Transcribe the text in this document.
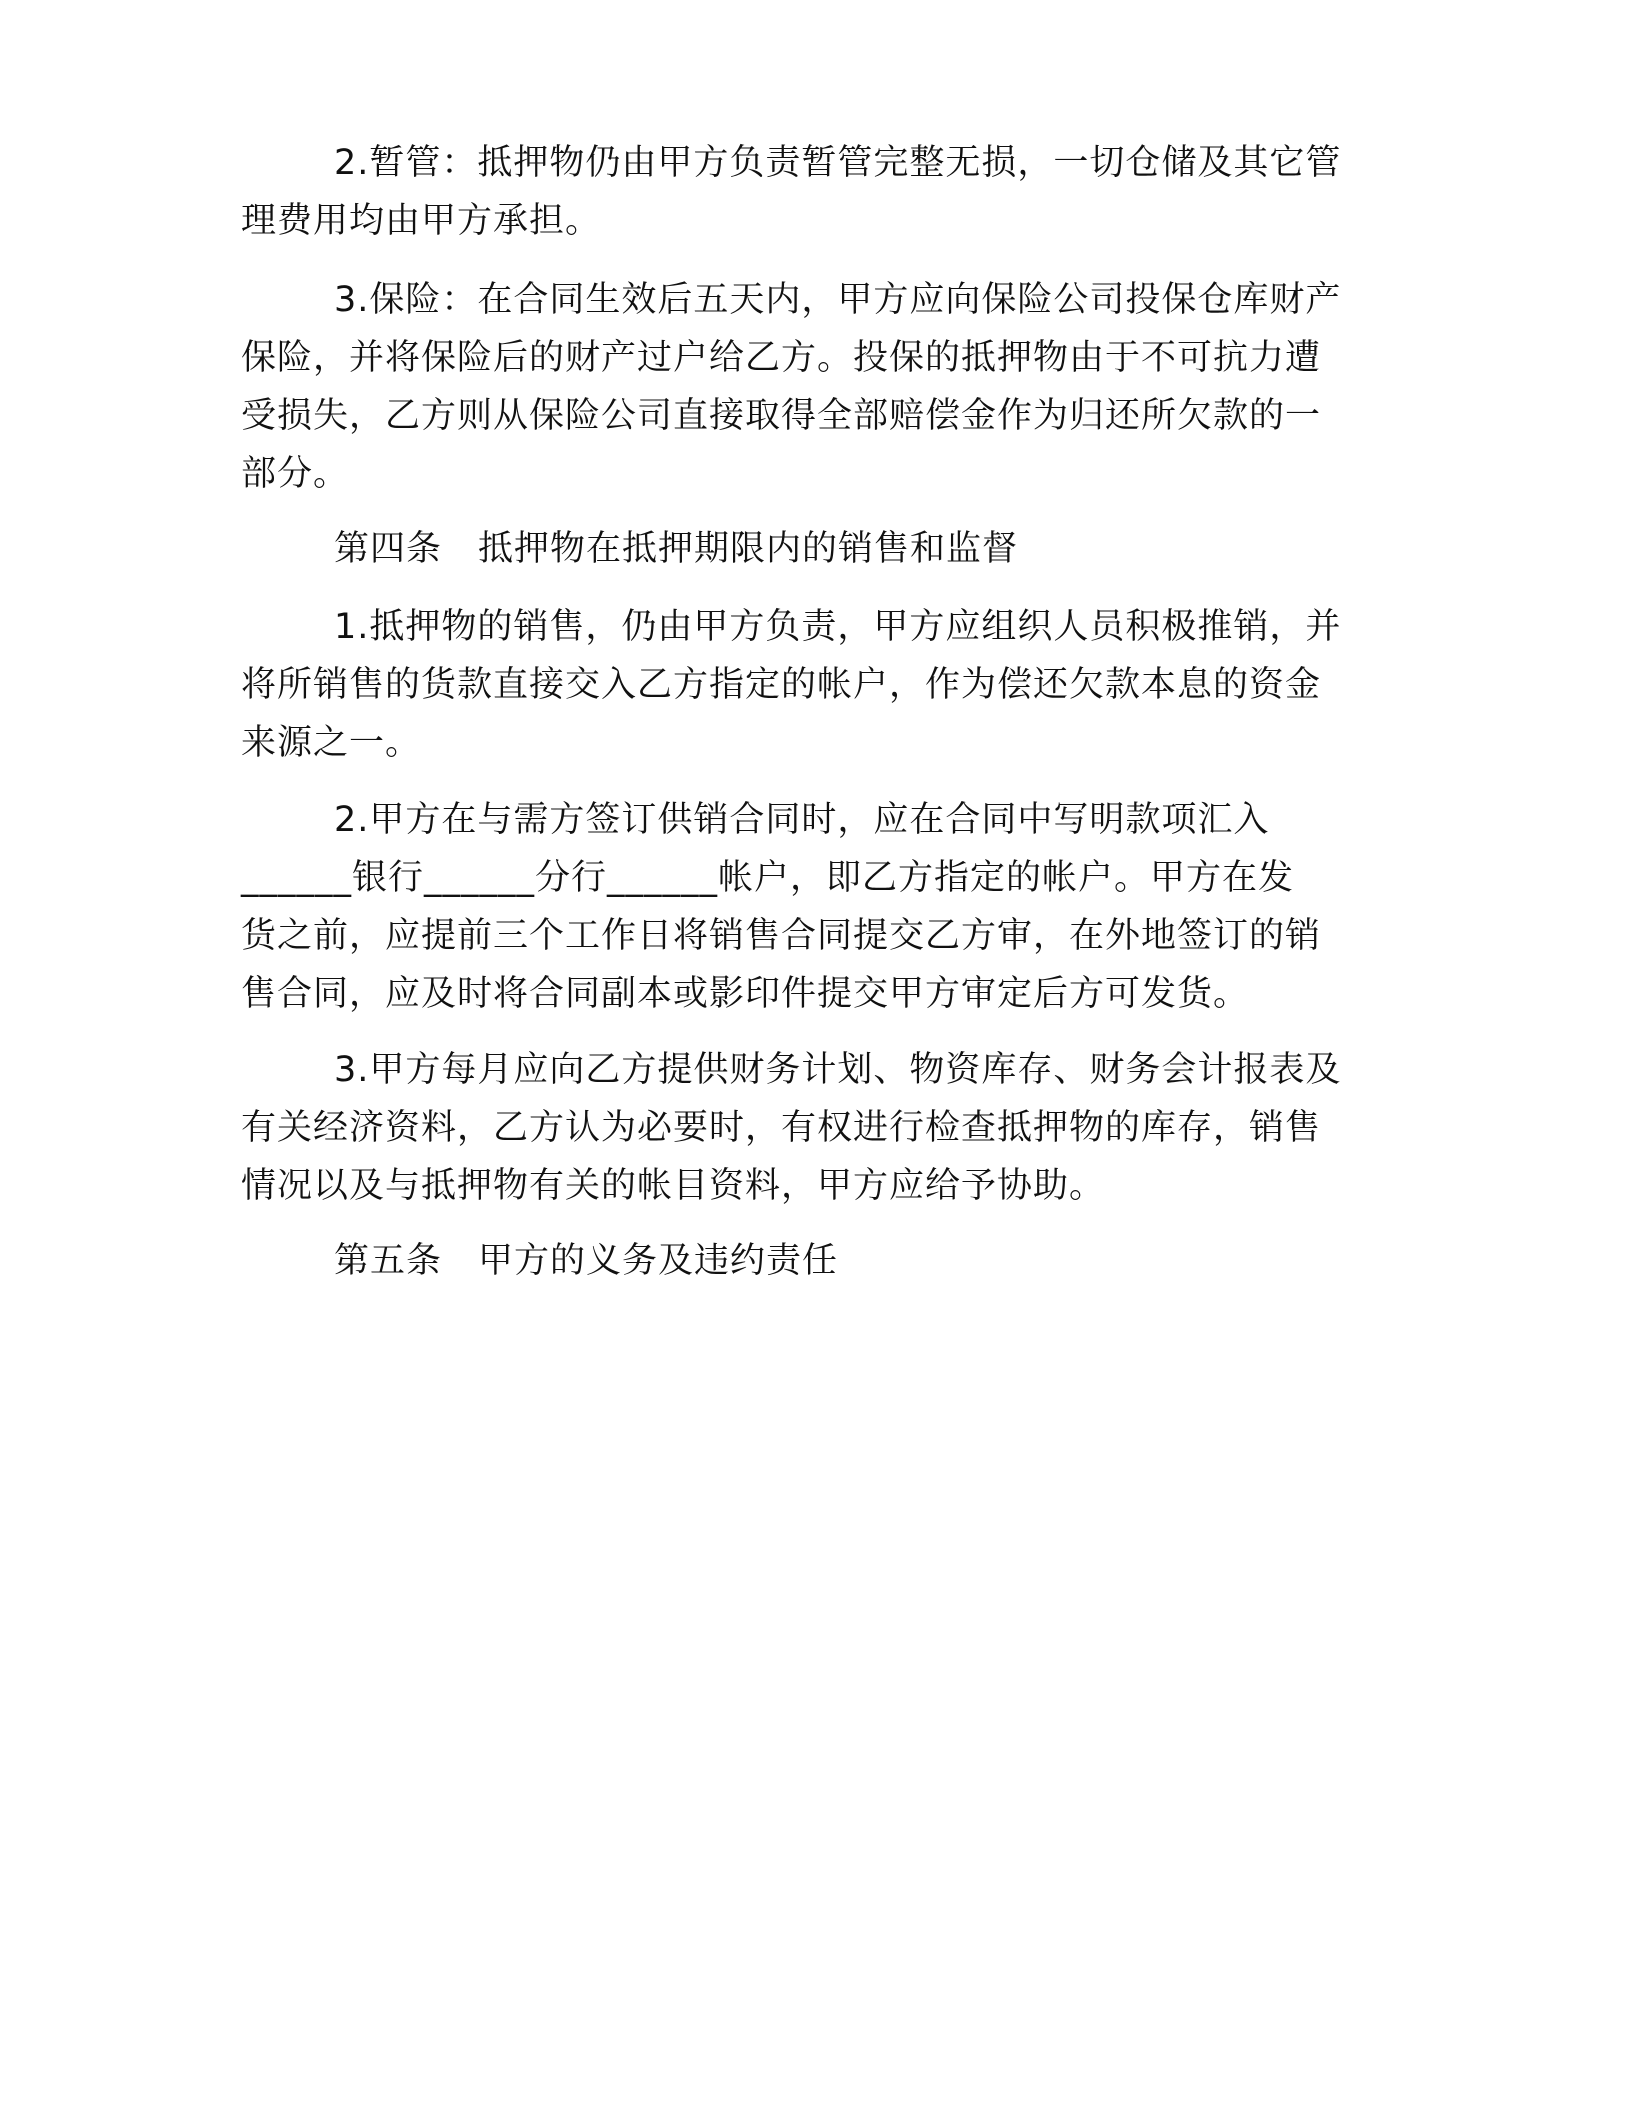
2.暂管：抵押物仍由甲方负责暂管完整无损，一切仓储及其它管
理费用均由甲方承担。
3.保险：在合同生效后五天内，甲方应向保险公司投保仓库财产
保险，并将保险后的财产过户给乙方。投保的抵押物由于不可抗力遭
受损失，乙方则从保险公司直接取得全部赔偿金作为归还所欠款的一
部分。
第四条　抵押物在抵押期限内的销售和监督
1.抵押物的销售，仍由甲方负责，甲方应组织人员积极推销，并
将所销售的货款直接交入乙方指定的帐户，作为偿还欠款本息的资金
来源之一。
2.甲方在与需方签订供销合同时，应在合同中写明款项汇入
______银行______分行______帐户，即乙方指定的帐户。甲方在发
货之前，应提前三个工作日将销售合同提交乙方审，在外地签订的销
售合同，应及时将合同副本或影印件提交甲方审定后方可发货。
3.甲方每月应向乙方提供财务计划、物资库存、财务会计报表及
有关经济资料，乙方认为必要时，有权进行检查抵押物的库存，销售
情况以及与抵押物有关的帐目资料，甲方应给予协助。
第五条　甲方的义务及违约责任
